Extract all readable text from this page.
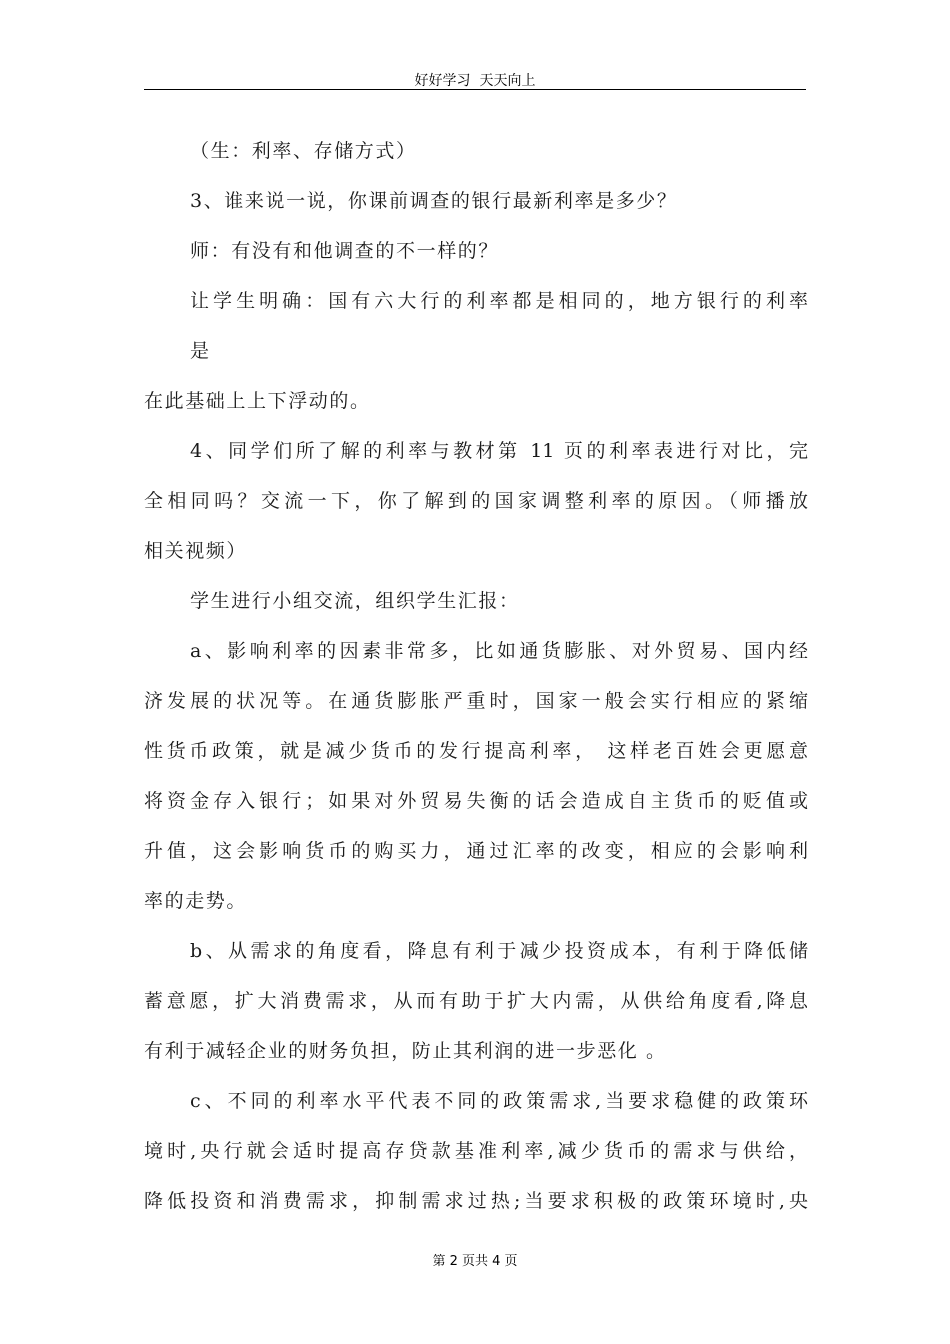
好好学习  天天向上
（生：利率、存储方式）
3、谁来说一说，你课前调查的银行最新利率是多少？
师：有没有和他调查的不一样的？
让学生明确：国有六大行的利率都是相同的，地方银行的利率
是
在此基础上上下浮动的。
4、同学们所了解的利率与教材第 11 页的利率表进行对比，完
全相同吗？交流一下，你了解到的国家调整利率的原因。（师播放
相关视频）
学生进行小组交流，组织学生汇报：
a、影响利率的因素非常多，比如通货膨胀、对外贸易、国内经
济发展的状况等。在通货膨胀严重时，国家一般会实行相应的紧缩
性货币政策，就是减少货币的发行提高利率， 这样老百姓会更愿意
将资金存入银行；如果对外贸易失衡的话会造成自主货币的贬值或
升值，这会影响货币的购买力，通过汇率的改变，相应的会影响利
率的走势。
b、从需求的角度看，降息有利于减少投资成本，有利于降低储
蓄意愿，扩大消费需求，从而有助于扩大内需，从供给角度看,降息
有利于减轻企业的财务负担，防止其利润的进一步恶化 。
c、不同的利率水平代表不同的政策需求,当要求稳健的政策环
境时,央行就会适时提高存贷款基准利率,减少货币的需求与供给，
降低投资和消费需求，抑制需求过热;当要求积极的政策环境时,央
第 2 页共 4 页
